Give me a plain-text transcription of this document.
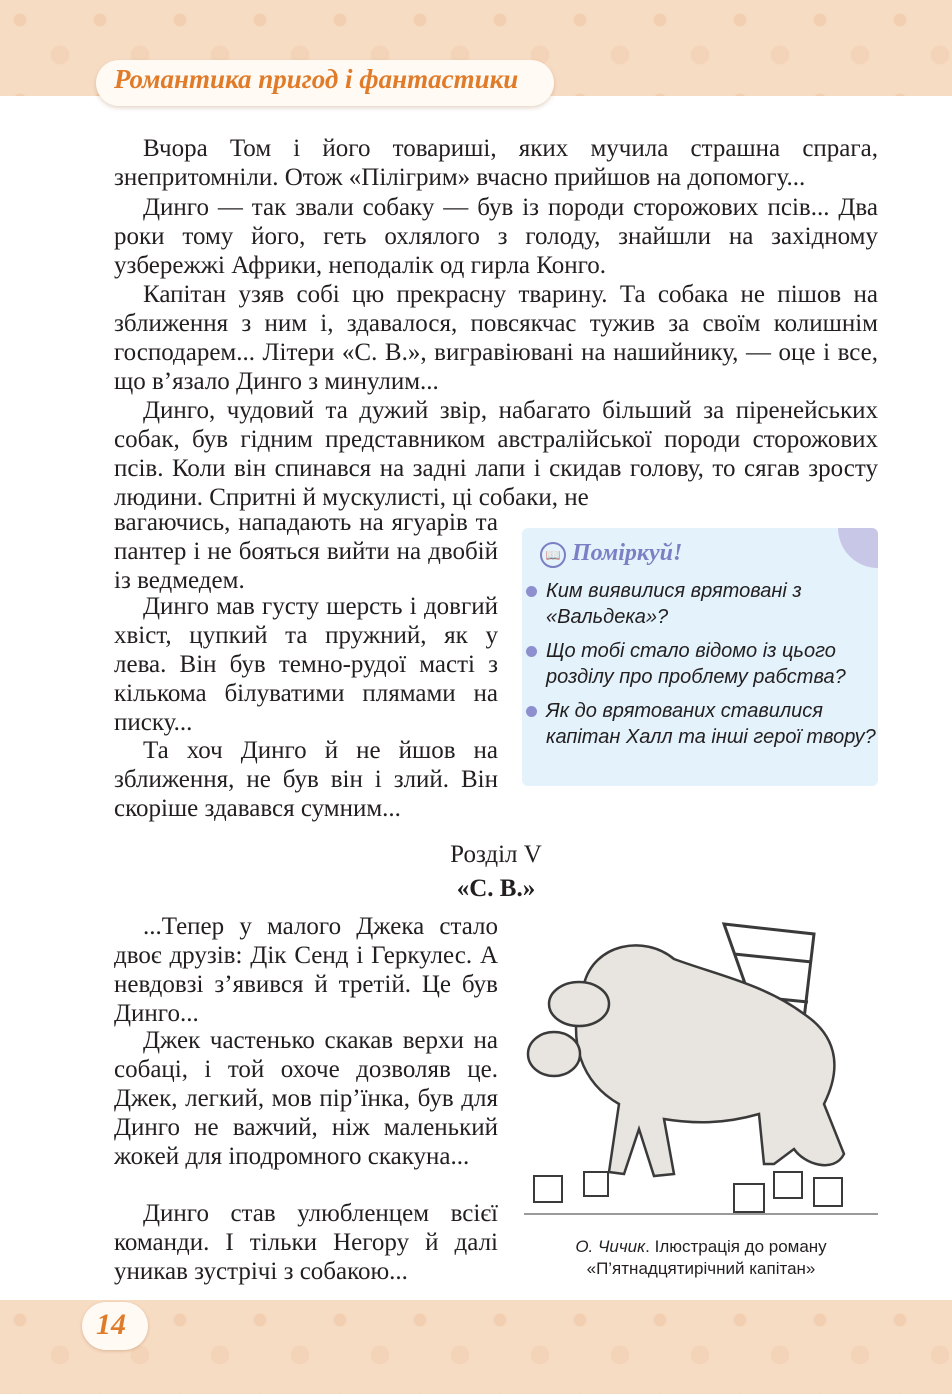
Романтика пригод і фантастики

Вчора Том і його товариші, яких мучила страшна спрага, знепритомніли. Отож «Пілігрим» вчасно прийшов на допомогу...

Динго — так звали собаку — був із породи сторожових псів... Два роки тому його, геть охлялого з голоду, знайшли на західному узбережжі Африки, неподалік од гирла Конго.

Капітан узяв собі цю прекрасну тварину. Та собака не пішов на зближення з ним і, здавалося, повсякчас тужив за своїм колишнім господарем... Літери «С. В.», вигравіювані на нашийнику, — оце і все, що в’язало Динго з минулим...

Динго, чудовий та дужий звір, набагато більший за піренейських собак, був гідним представником австралійської породи сторожових псів. Коли він спинався на задні лапи і скидав голову, то сягав зросту людини. Спритні й мускулисті, ці собаки, не

вагаючись, нападають на ягуарів та пантер і не бояться вийти на двобій із ведмедем.

Динго мав густу шерсть і довгий хвіст, цупкий та пружний, як у лева. Він був темно-рудої масті з кількома білуватими плямами на писку...

Та хоч Динго й не йшов на зближення, не був він і злий. Він скоріше здавався сумним...

📖 Поміркуй!
Ким виявилися врятовані з «Вальдека»?
Що тобі стало відомо із цього розділу про проблему рабства?
Як до врятованих ставилися капітан Халл та інші герої твору?
Розділ V
«С. В.»

...Тепер у малого Джека стало двоє друзів: Дік Сенд і Геркулес. А невдовзі з’явився й третій. Це був Динго...

Джек частенько скакав верхи на собаці, і той охоче дозволяв це. Джек, легкий, мов пір’їнка, був для Динго не важчий, ніж маленький жокей для іподромного скакуна...

Динго став улюбленцем всієї команди. І тільки Негору й далі уникав зустрічі з собакою...

О. Чичик. Ілюстрація до роману «П’ятнадцятирічний капітан»
14
